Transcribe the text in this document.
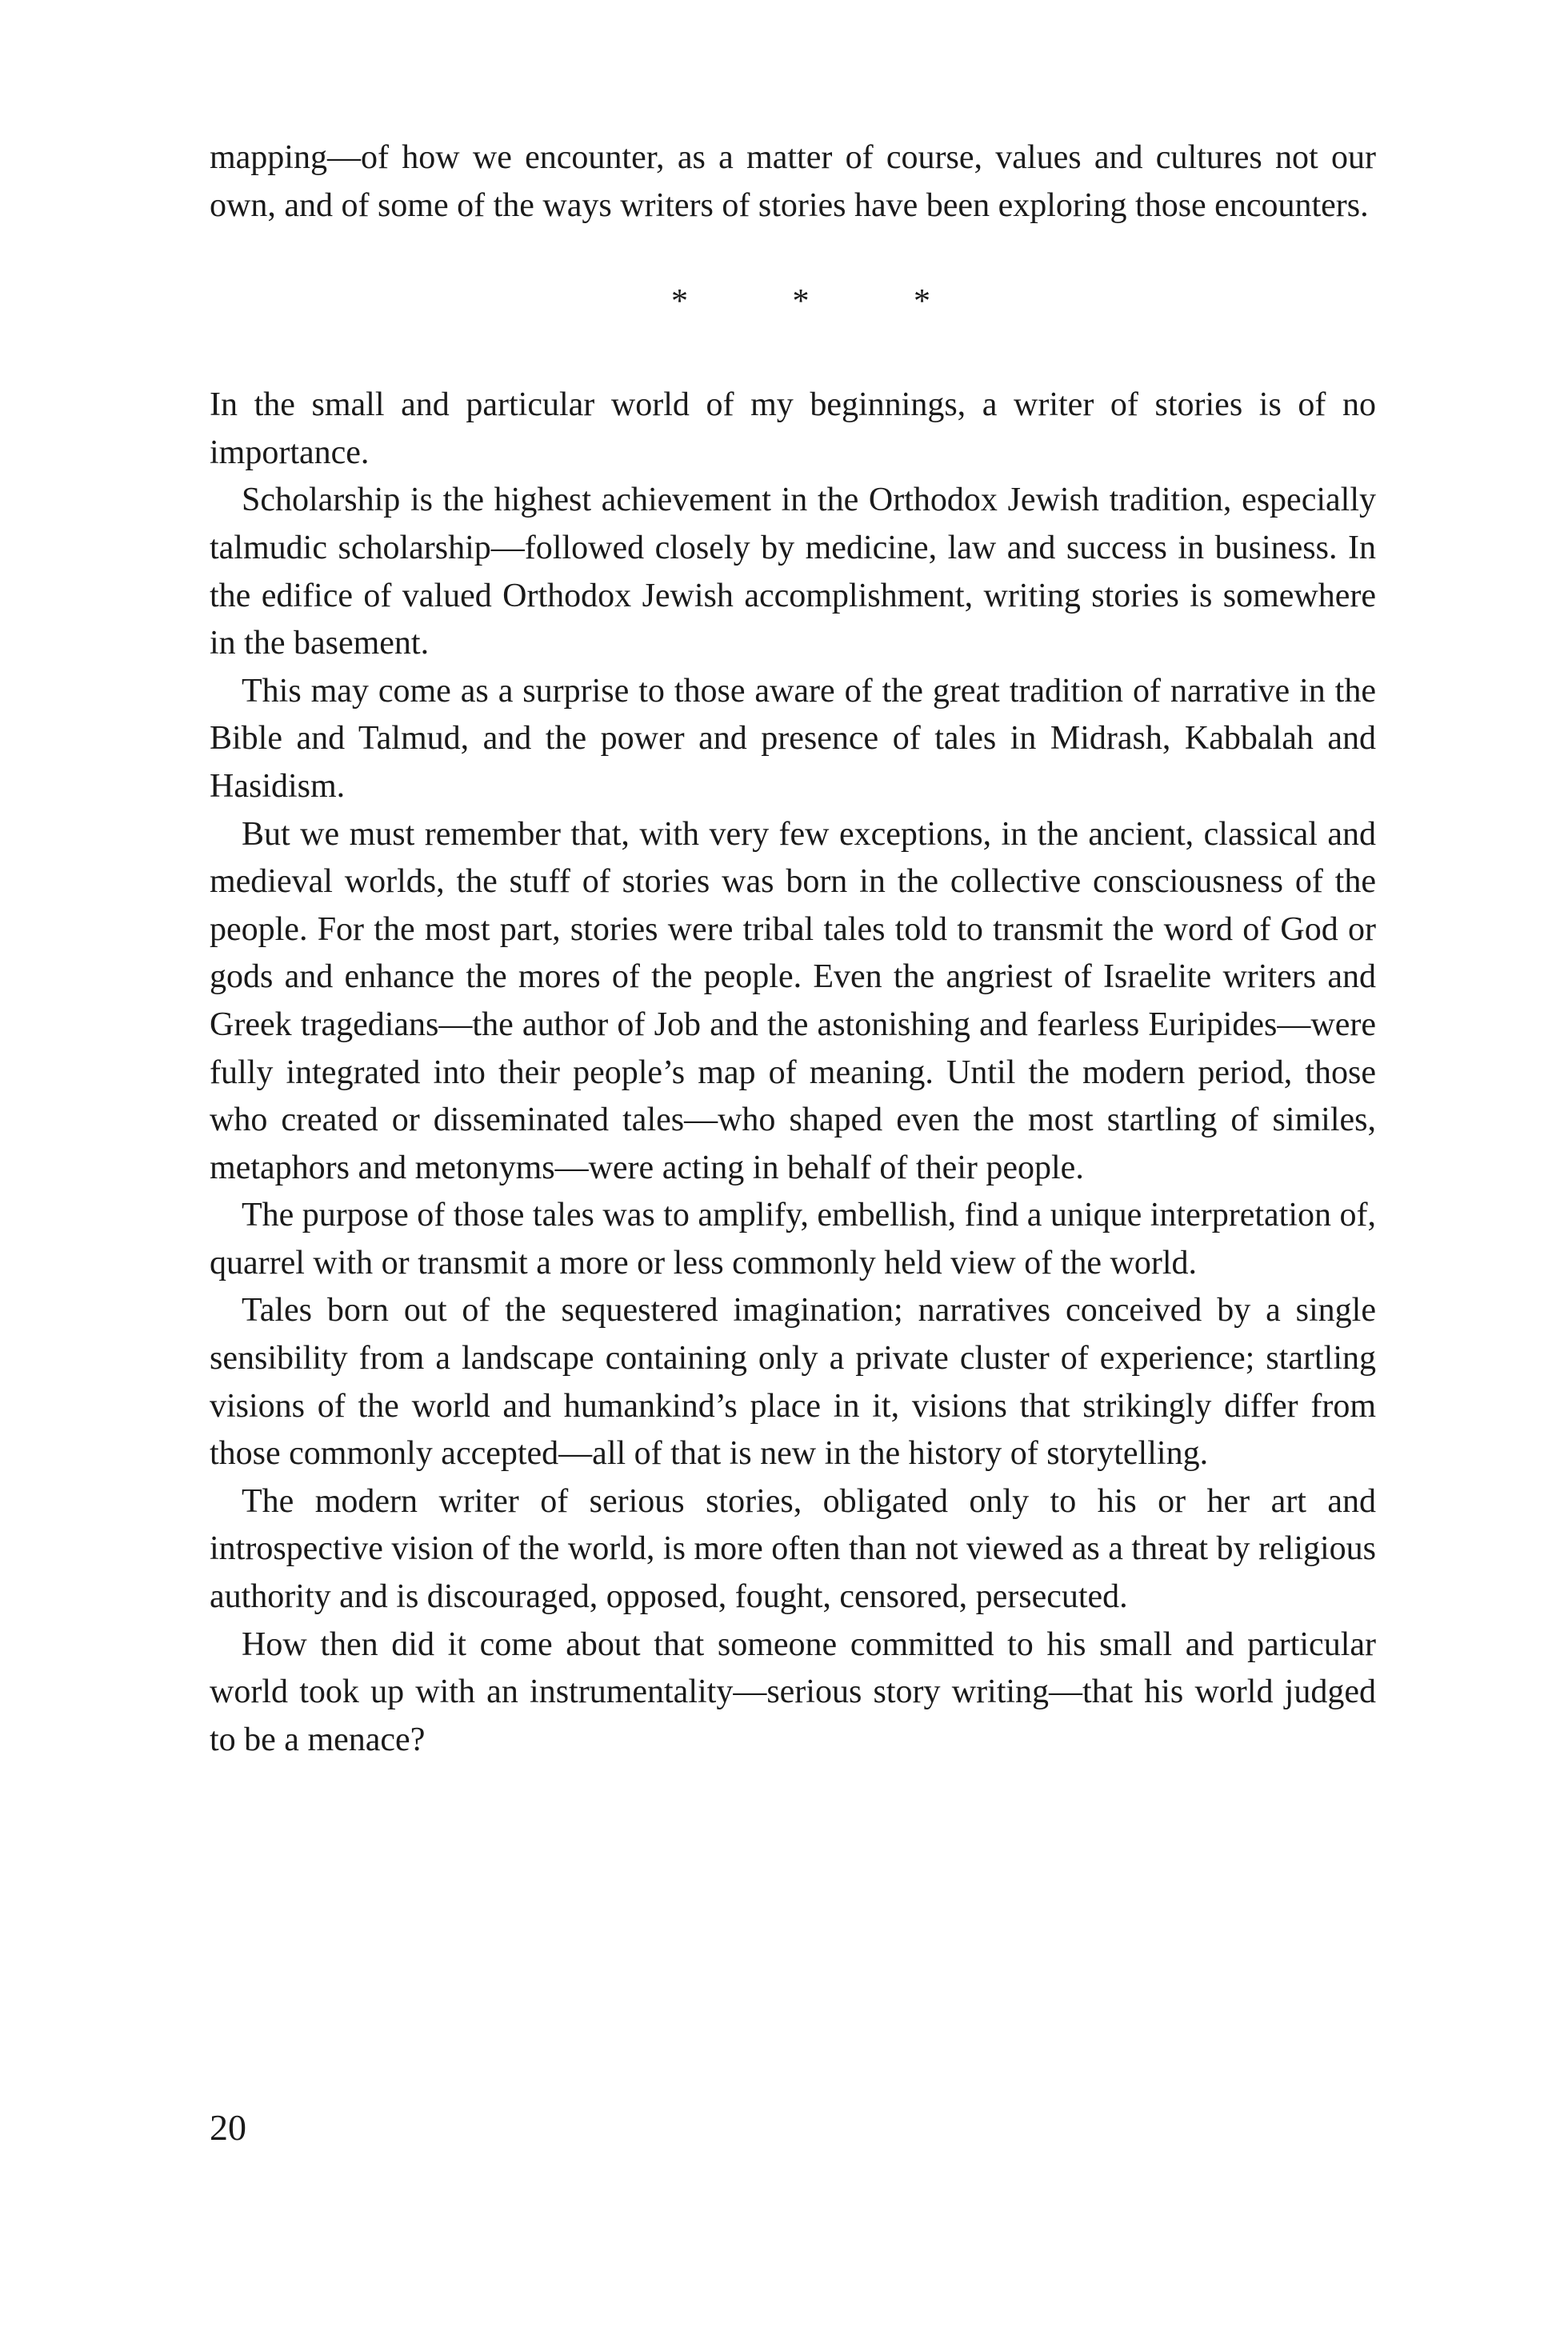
mapping—of how we encounter, as a matter of course, values and cultures not our own, and of some of the ways writers of stories have been exploring those encounters.

* * *

In the small and particular world of my beginnings, a writer of stories is of no importance.

Scholarship is the highest achievement in the Orthodox Jewish tradition, especially talmudic scholarship—followed closely by medicine, law and success in business. In the edifice of valued Orthodox Jewish accomplishment, writing stories is somewhere in the basement.

This may come as a surprise to those aware of the great tradition of narrative in the Bible and Talmud, and the power and presence of tales in Midrash, Kabbalah and Hasidism.

But we must remember that, with very few exceptions, in the ancient, classical and medieval worlds, the stuff of stories was born in the collective consciousness of the people. For the most part, stories were tribal tales told to transmit the word of God or gods and enhance the mores of the people. Even the angriest of Israelite writers and Greek tragedians—the author of Job and the astonishing and fearless Euripides—were fully integrated into their people’s map of meaning. Until the modern period, those who created or disseminated tales—who shaped even the most startling of similes, metaphors and metonyms—were acting in behalf of their people.

The purpose of those tales was to amplify, embellish, find a unique interpretation of, quarrel with or transmit a more or less commonly held view of the world.

Tales born out of the sequestered imagination; narratives conceived by a single sensibility from a landscape containing only a private cluster of experience; startling visions of the world and humankind’s place in it, visions that strikingly differ from those commonly accepted—all of that is new in the history of storytelling.

The modern writer of serious stories, obligated only to his or her art and introspective vision of the world, is more often than not viewed as a threat by religious authority and is discouraged, opposed, fought, censored, persecuted.

How then did it come about that someone committed to his small and particular world took up with an instrumentality—serious story writing—that his world judged to be a menace?

20
